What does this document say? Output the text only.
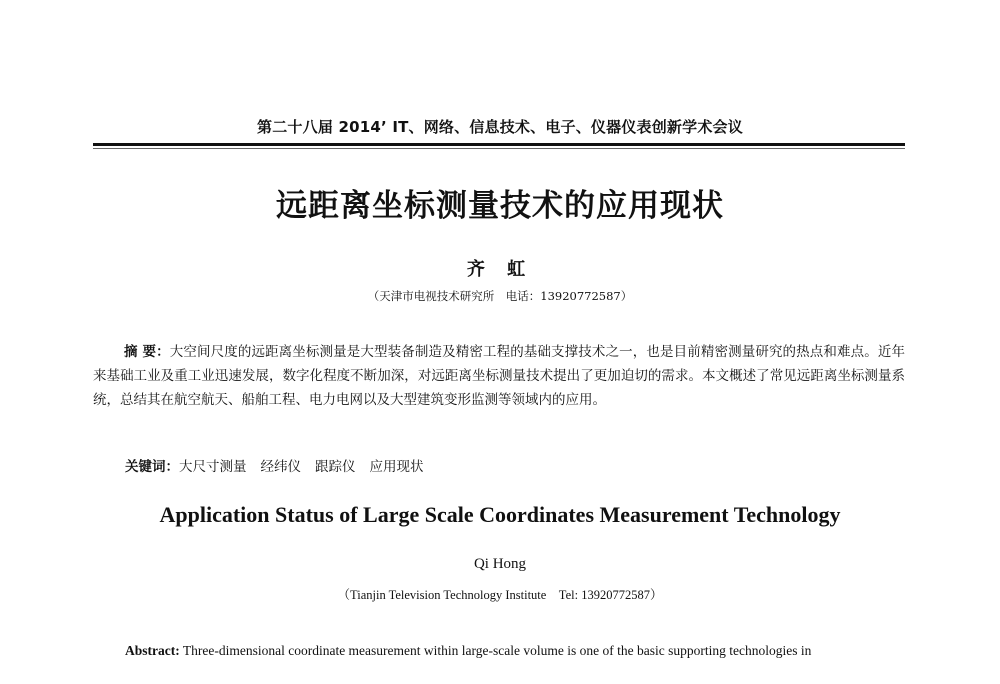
第二十八届 2014’ IT、网络、信息技术、电子、仪器仪表创新学术会议
远距离坐标测量技术的应用现状
齐 虹
（天津市电视技术研究所　电话：13920772587）
摘 要：大空间尺度的远距离坐标测量是大型装备制造及精密工程的基础支撑技术之一，也是目前精密测量研究的热点和难点。近年来基础工业及重工业迅速发展，数字化程度不断加深，对远距离坐标测量技术提出了更加迫切的需求。本文概述了常见远距离坐标测量系统，总结其在航空航天、船舶工程、电力电网以及大型建筑变形监测等领域内的应用。
关键词：大尺寸测量 经纬仪 跟踪仪 应用现状
Application Status of Large Scale Coordinates Measurement Technology
Qi Hong
（Tianjin Television Technology Institute　Tel: 13920772587）
Abstract: Three-dimensional coordinate measurement within large-scale volume is one of the basic supporting technologies in
